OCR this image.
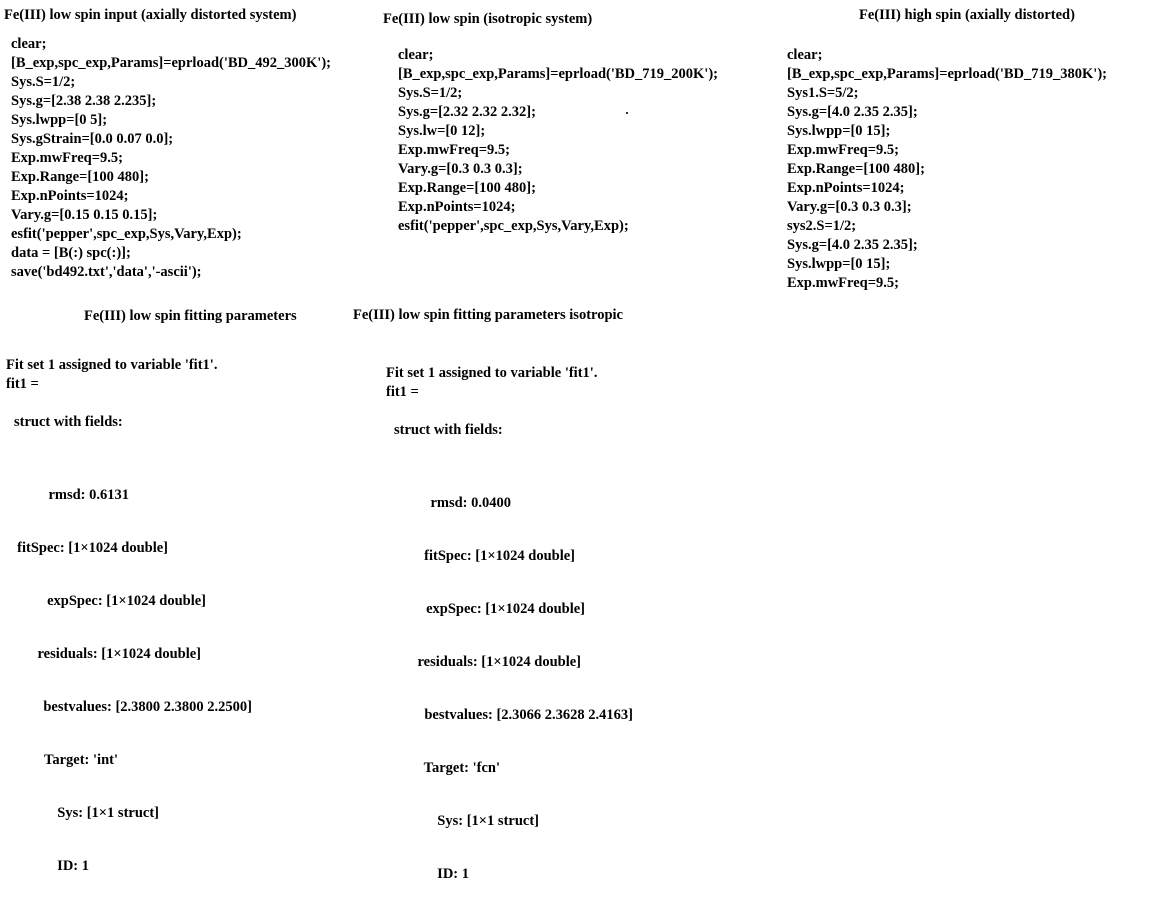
Fe(III) low spin input (axially distorted system)	Fe(III) low spin (isotropic system)	Fe(III) high spin (axially distorted)
Fe(III) low spin fitting parameters	Fe(III) low spin fitting parameters isotropic
clear;
[B_exp,spc_exp,Params]=eprload('BD_492_300K');
Sys.S=1/2;
Sys.g=[2.38 2.38 2.235];
Sys.lwpp=[0 5];
Sys.gStrain=[0.0 0.07 0.0];
Exp.mwFreq=9.5;
Exp.Range=[100 480];
Exp.nPoints=1024;
Vary.g=[0.15 0.15 0.15];
esfit('pepper',spc_exp,Sys,Vary,Exp);
data = [B(:) spc(:)];
save('bd492.txt','data','-ascii');
clear;
[B_exp,spc_exp,Params]=eprload('BD_719_200K');
Sys.S=1/2;
Sys.g=[2.32 2.32 2.32];
Sys.lw=[0 12];
Exp.mwFreq=9.5;
Vary.g=[0.3 0.3 0.3];
Exp.Range=[100 480];
Exp.nPoints=1024;
esfit('pepper',spc_exp,Sys,Vary,Exp);
clear;
[B_exp,spc_exp,Params]=eprload('BD_719_380K');
Sys1.S=5/2;
Sys.g=[4.0 2.35 2.35];
Sys.lwpp=[0 15];
Exp.mwFreq=9.5;
Exp.Range=[100 480];
Exp.nPoints=1024;
Vary.g=[0.3 0.3 0.3];
sys2.S=1/2;
Sys.g=[4.0 2.35 2.35];
Sys.lwpp=[0 15];
Exp.mwFreq=9.5;
Fit set 1 assigned to variable 'fit1'.
fit1 =
struct with fields:

rmsd: 0.6131

fitSpec: [1×1024 double]

expSpec: [1×1024 double]

residuals: [1×1024 double]

bestvalues: [2.3800 2.3800 2.2500]

Target: 'int'

Sys: [1×1 struct]

ID: 1

Fit set 1 assigned to variable 'fit1'.
fit1 =
struct with fields:

rmsd: 0.0400

fitSpec: [1×1024 double]

expSpec: [1×1024 double]

residuals: [1×1024 double]

bestvalues: [2.3066 2.3628 2.4163]

Target: 'fcn'

Sys: [1×1 struct]

ID: 1
